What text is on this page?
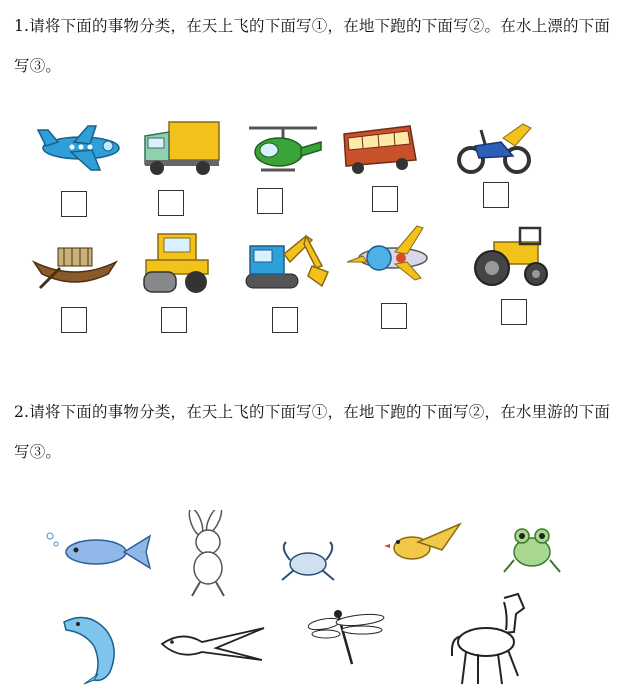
1.请将下面的事物分类，在天上飞的下面写①，在地下跑的下面写②。在水上漂的下面
写③。
2.请将下面的事物分类，在天上飞的下面写①，在地下跑的下面写②，在水里游的下面
写③。
